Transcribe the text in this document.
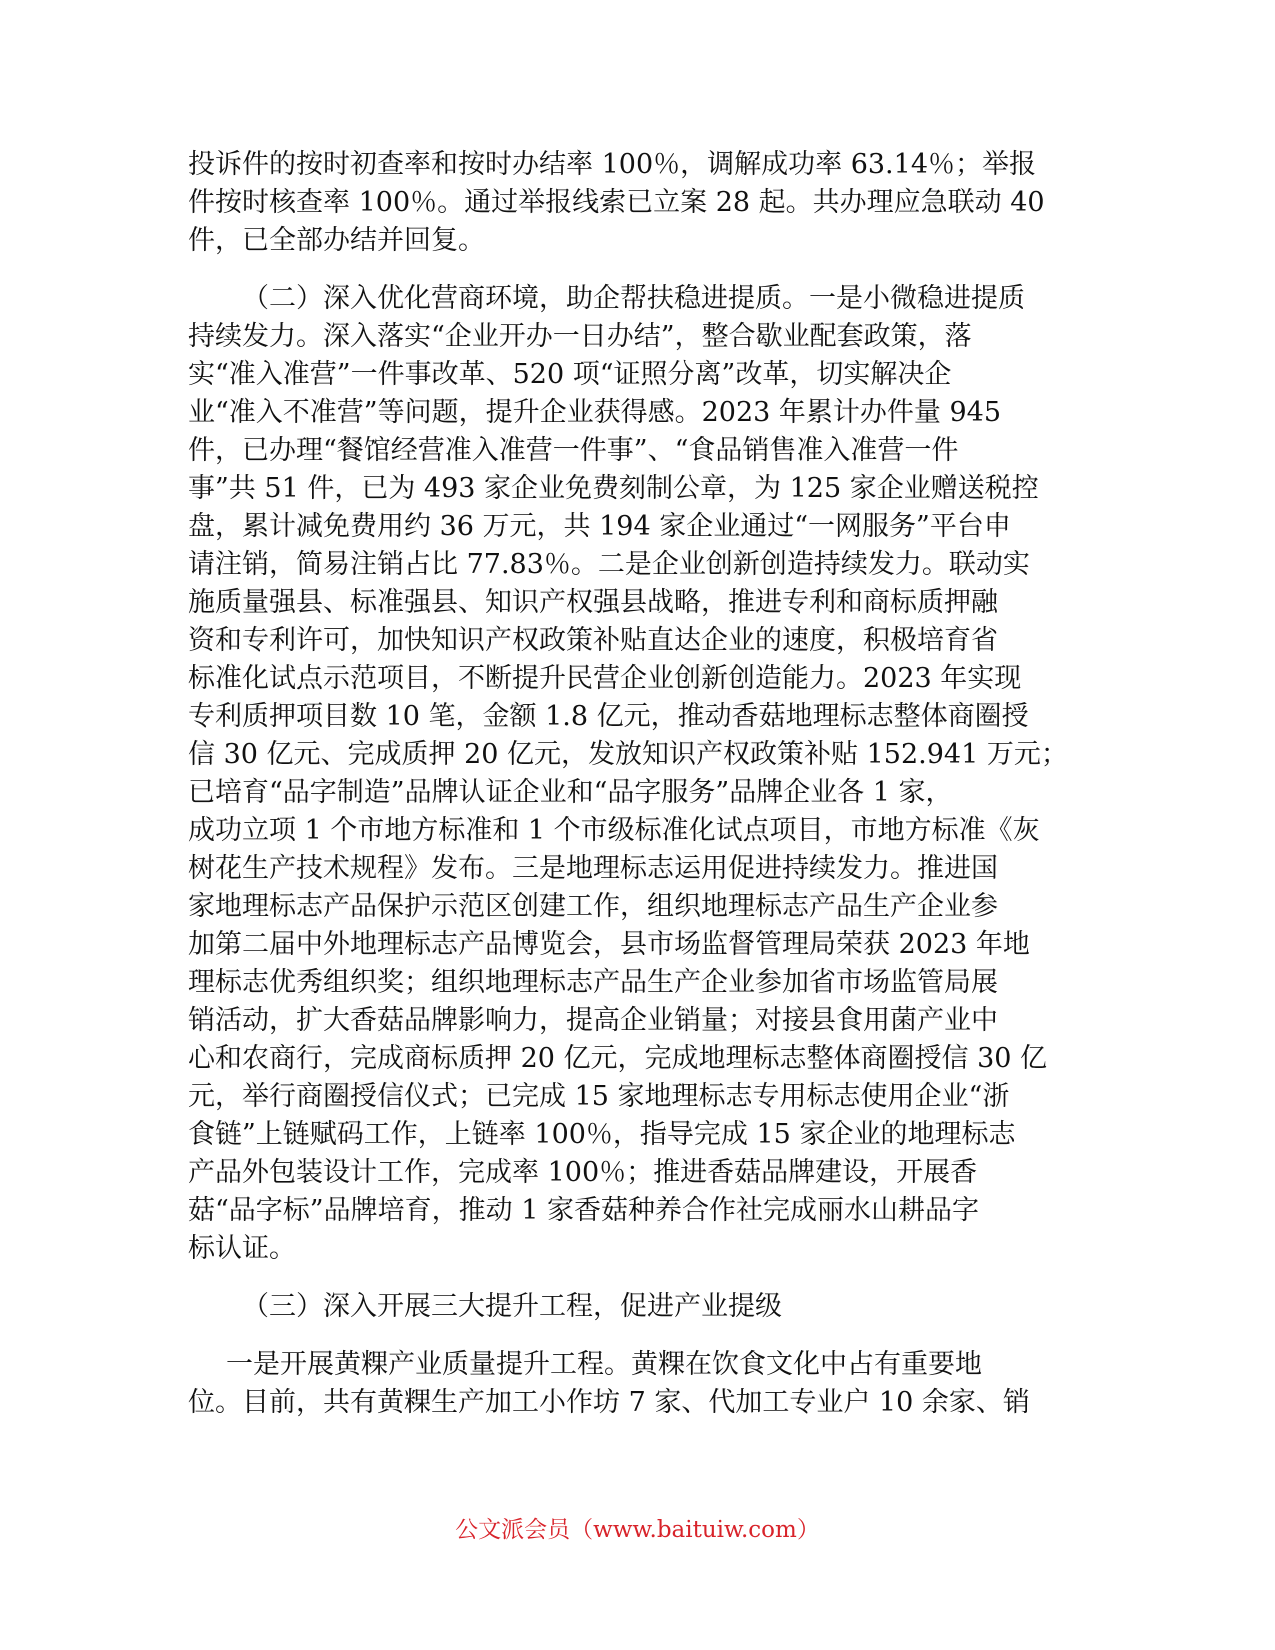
投诉件的按时初查率和按时办结率 100％，调解成功率 63.14％；举报
件按时核查率 100％。通过举报线索已立案 28 起。共办理应急联动 40
件，已全部办结并回复。
（二）深入优化营商环境，助企帮扶稳进提质。一是小微稳进提质
持续发力。深入落实“企业开办一日办结”，整合歇业配套政策，落
实“准入准营”一件事改革、520 项“证照分离”改革，切实解决企
业“准入不准营”等问题，提升企业获得感。2023 年累计办件量 945
件，已办理“餐馆经营准入准营一件事”、“食品销售准入准营一件
事”共 51 件，已为 493 家企业免费刻制公章，为 125 家企业赠送税控
盘，累计减免费用约 36 万元，共 194 家企业通过“一网服务”平台申
请注销，简易注销占比 77.83％。二是企业创新创造持续发力。联动实
施质量强县、标准强县、知识产权强县战略，推进专利和商标质押融
资和专利许可，加快知识产权政策补贴直达企业的速度，积极培育省
标准化试点示范项目，不断提升民营企业创新创造能力。2023 年实现
专利质押项目数 10 笔，金额 1.8 亿元，推动香菇地理标志整体商圈授
信 30 亿元、完成质押 20 亿元，发放知识产权政策补贴 152.941 万元；
已培育“品字制造”品牌认证企业和“品字服务”品牌企业各 1 家，
成功立项 1 个市地方标准和 1 个市级标准化试点项目，市地方标准《灰
树花生产技术规程》发布。三是地理标志运用促进持续发力。推进国
家地理标志产品保护示范区创建工作，组织地理标志产品生产企业参
加第二届中外地理标志产品博览会，县市场监督管理局荣获 2023 年地
理标志优秀组织奖；组织地理标志产品生产企业参加省市场监管局展
销活动，扩大香菇品牌影响力，提高企业销量；对接县食用菌产业中
心和农商行，完成商标质押 20 亿元，完成地理标志整体商圈授信 30 亿
元，举行商圈授信仪式；已完成 15 家地理标志专用标志使用企业“浙
食链”上链赋码工作，上链率 100％，指导完成 15 家企业的地理标志
产品外包装设计工作，完成率 100％；推进香菇品牌建设，开展香
菇“品字标”品牌培育，推动 1 家香菇种养合作社完成丽水山耕品字
标认证。
（三）深入开展三大提升工程，促进产业提级
一是开展黄粿产业质量提升工程。黄粿在饮食文化中占有重要地
位。目前，共有黄粿生产加工小作坊 7 家、代加工专业户 10 余家、销
公文派会员（www.baituiw.com）
